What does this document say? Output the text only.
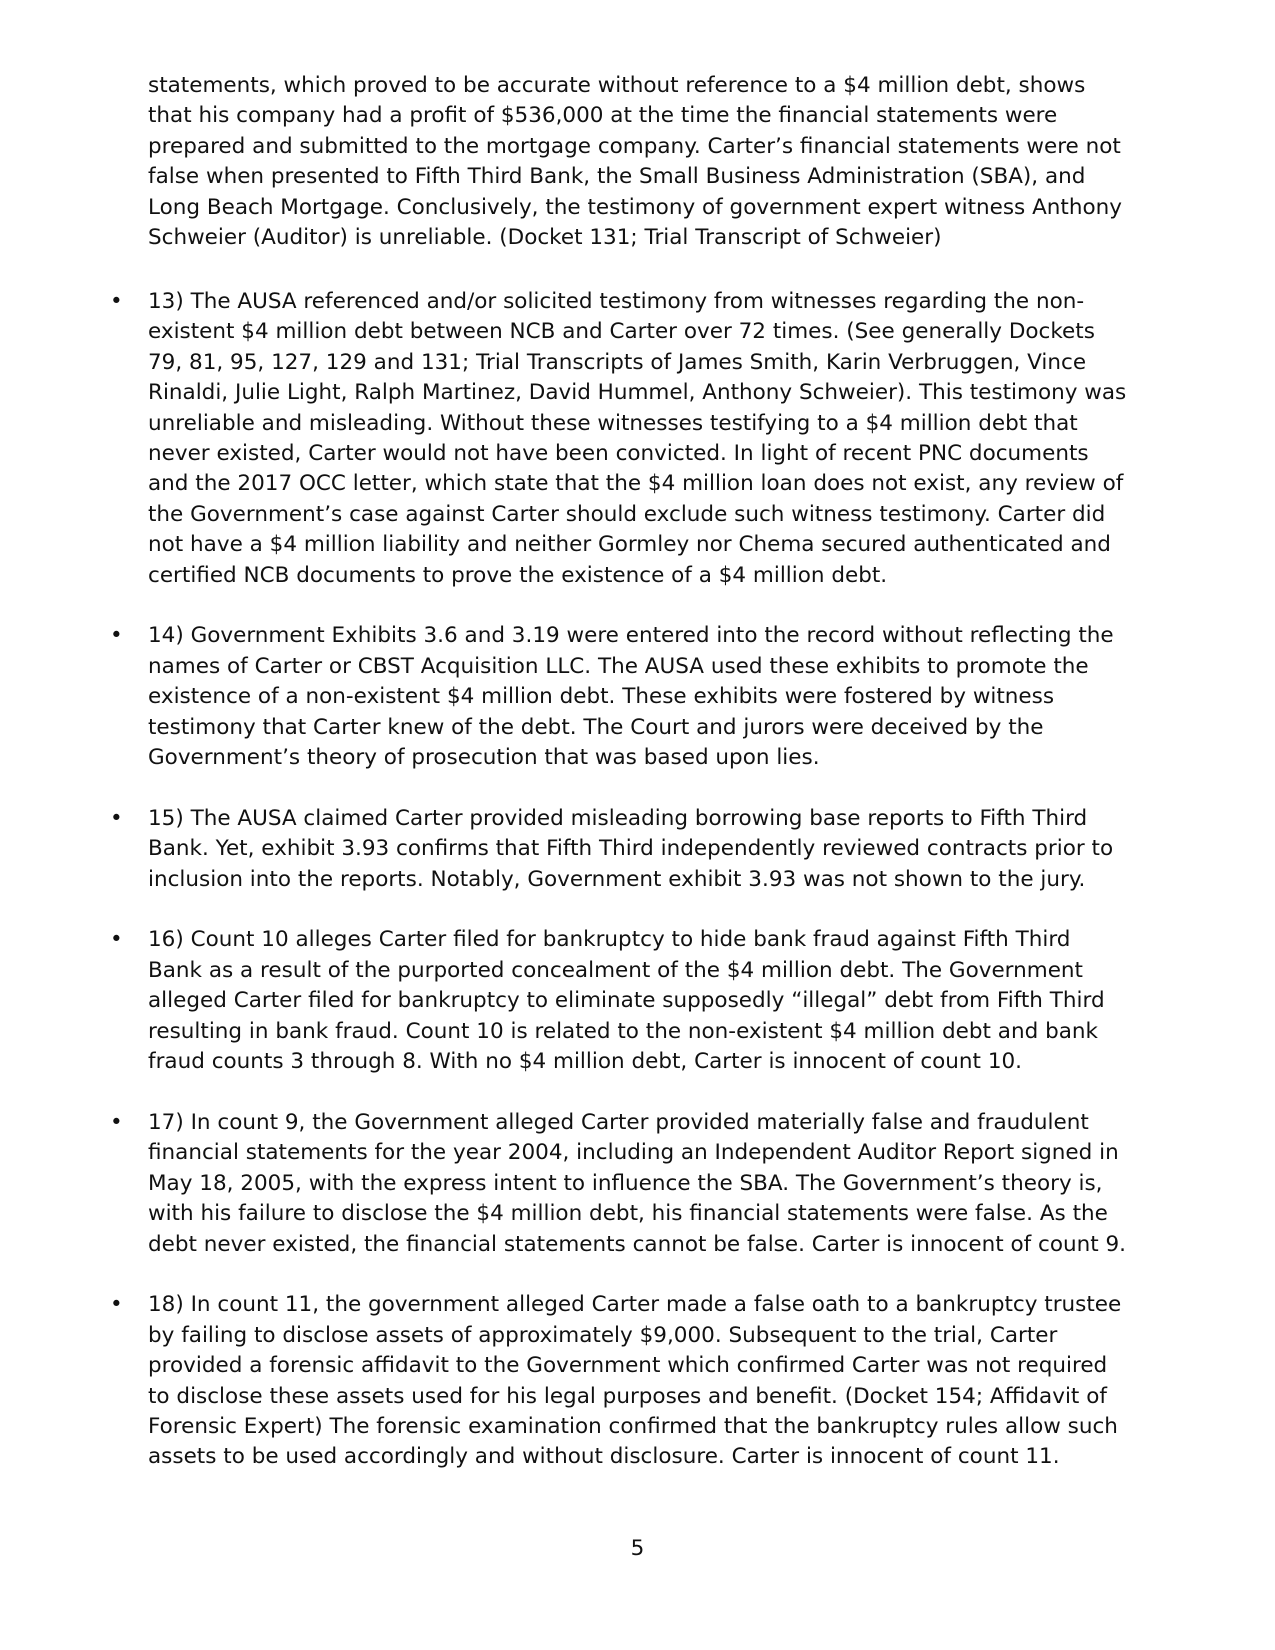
statements, which proved to be accurate without reference to a $4 million debt, shows
that his company had a profit of $536,000 at the time the financial statements were
prepared and submitted to the mortgage company. Carter’s financial statements were not
false when presented to Fifth Third Bank, the Small Business Administration (SBA), and
Long Beach Mortgage. Conclusively, the testimony of government expert witness Anthony
Schweier (Auditor) is unreliable. (Docket 131; Trial Transcript of Schweier)

• 13) The AUSA referenced and/or solicited testimony from witnesses regarding the non-
existent $4 million debt between NCB and Carter over 72 times. (See generally Dockets
79, 81, 95, 127, 129 and 131; Trial Transcripts of James Smith, Karin Verbruggen, Vince
Rinaldi, Julie Light, Ralph Martinez, David Hummel, Anthony Schweier). This testimony was
unreliable and misleading. Without these witnesses testifying to a $4 million debt that
never existed, Carter would not have been convicted. In light of recent PNC documents
and the 2017 OCC letter, which state that the $4 million loan does not exist, any review of
the Government’s case against Carter should exclude such witness testimony. Carter did
not have a $4 million liability and neither Gormley nor Chema secured authenticated and
certified NCB documents to prove the existence of a $4 million debt.

• 14) Government Exhibits 3.6 and 3.19 were entered into the record without reflecting the
names of Carter or CBST Acquisition LLC. The AUSA used these exhibits to promote the
existence of a non-existent $4 million debt. These exhibits were fostered by witness
testimony that Carter knew of the debt. The Court and jurors were deceived by the
Government’s theory of prosecution that was based upon lies.

• 15) The AUSA claimed Carter provided misleading borrowing base reports to Fifth Third
Bank. Yet, exhibit 3.93 confirms that Fifth Third independently reviewed contracts prior to
inclusion into the reports. Notably, Government exhibit 3.93 was not shown to the jury.

• 16) Count 10 alleges Carter filed for bankruptcy to hide bank fraud against Fifth Third
Bank as a result of the purported concealment of the $4 million debt. The Government
alleged Carter filed for bankruptcy to eliminate supposedly “illegal” debt from Fifth Third
resulting in bank fraud. Count 10 is related to the non-existent $4 million debt and bank
fraud counts 3 through 8. With no $4 million debt, Carter is innocent of count 10.

• 17) In count 9, the Government alleged Carter provided materially false and fraudulent
financial statements for the year 2004, including an Independent Auditor Report signed in
May 18, 2005, with the express intent to influence the SBA. The Government’s theory is,
with his failure to disclose the $4 million debt, his financial statements were false. As the
debt never existed, the financial statements cannot be false. Carter is innocent of count 9.

• 18) In count 11, the government alleged Carter made a false oath to a bankruptcy trustee
by failing to disclose assets of approximately $9,000. Subsequent to the trial, Carter
provided a forensic affidavit to the Government which confirmed Carter was not required
to disclose these assets used for his legal purposes and benefit. (Docket 154; Affidavit of
Forensic Expert) The forensic examination confirmed that the bankruptcy rules allow such
assets to be used accordingly and without disclosure. Carter is innocent of count 11.

5
